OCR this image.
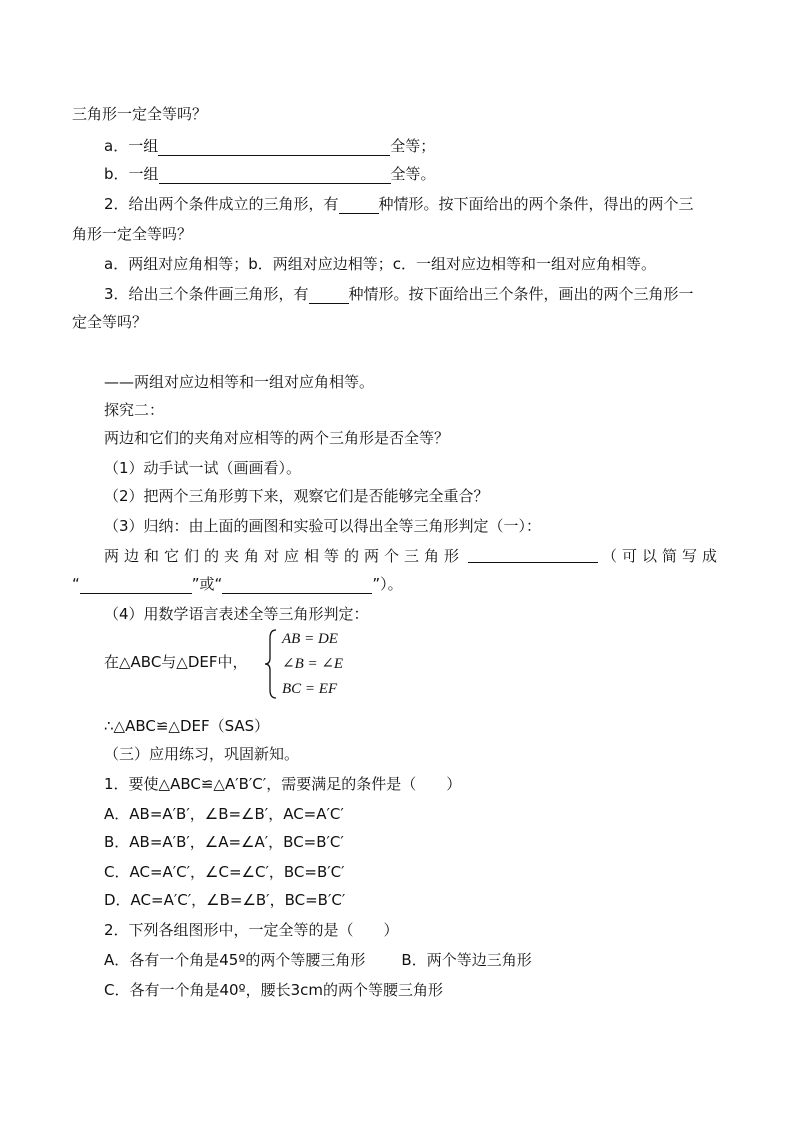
三角形一定全等吗？
a．一组	全等；
b．一组	全等。
2．给出两个条件成立的三角形，有	种情形。按下面给出的两个条件，得出的两个三
角形一定全等吗？
a．两组对应角相等；b．两组对应边相等；c．一组对应边相等和一组对应角相等。
3．给出三个条件画三角形，有	种情形。按下面给出三个条件，画出的两个三角形一
定全等吗？
——两组对应边相等和一组对应角相等。
探究二：
两边和它们的夹角对应相等的两个三角形是否全等？
（1）动手试一试（画画看）。
（2）把两个三角形剪下来，观察它们是否能够完全重合？
（3）归纳：由上面的画图和实验可以得出全等三角形判定（一）：
两边和它们的夹角对应相等的两个三角形	（可以简写成
“	”或“	”）。
（4）用数学语言表述全等三角形判定：
在△ABC与△DEF中，
AB = DE
∠B = ∠E
BC = EF
∴△ABC≌△DEF（SAS）
（三）应用练习，巩固新知。
1．要使△ABC≌△A′B′C′，需要满足的条件是（　　）
A．AB=A′B′，∠B=∠B′，AC=A′C′
B．AB=A′B′，∠A=∠A′，BC=B′C′
C．AC=A′C′，∠C=∠C′，BC=B′C′
D．AC=A′C′，∠B=∠B′，BC=B′C′
2．下列各组图形中，一定全等的是（　　）
A．各有一个角是45º的两个等腰三角形 B．两个等边三角形
C．各有一个角是40º，腰长3cm的两个等腰三角形
